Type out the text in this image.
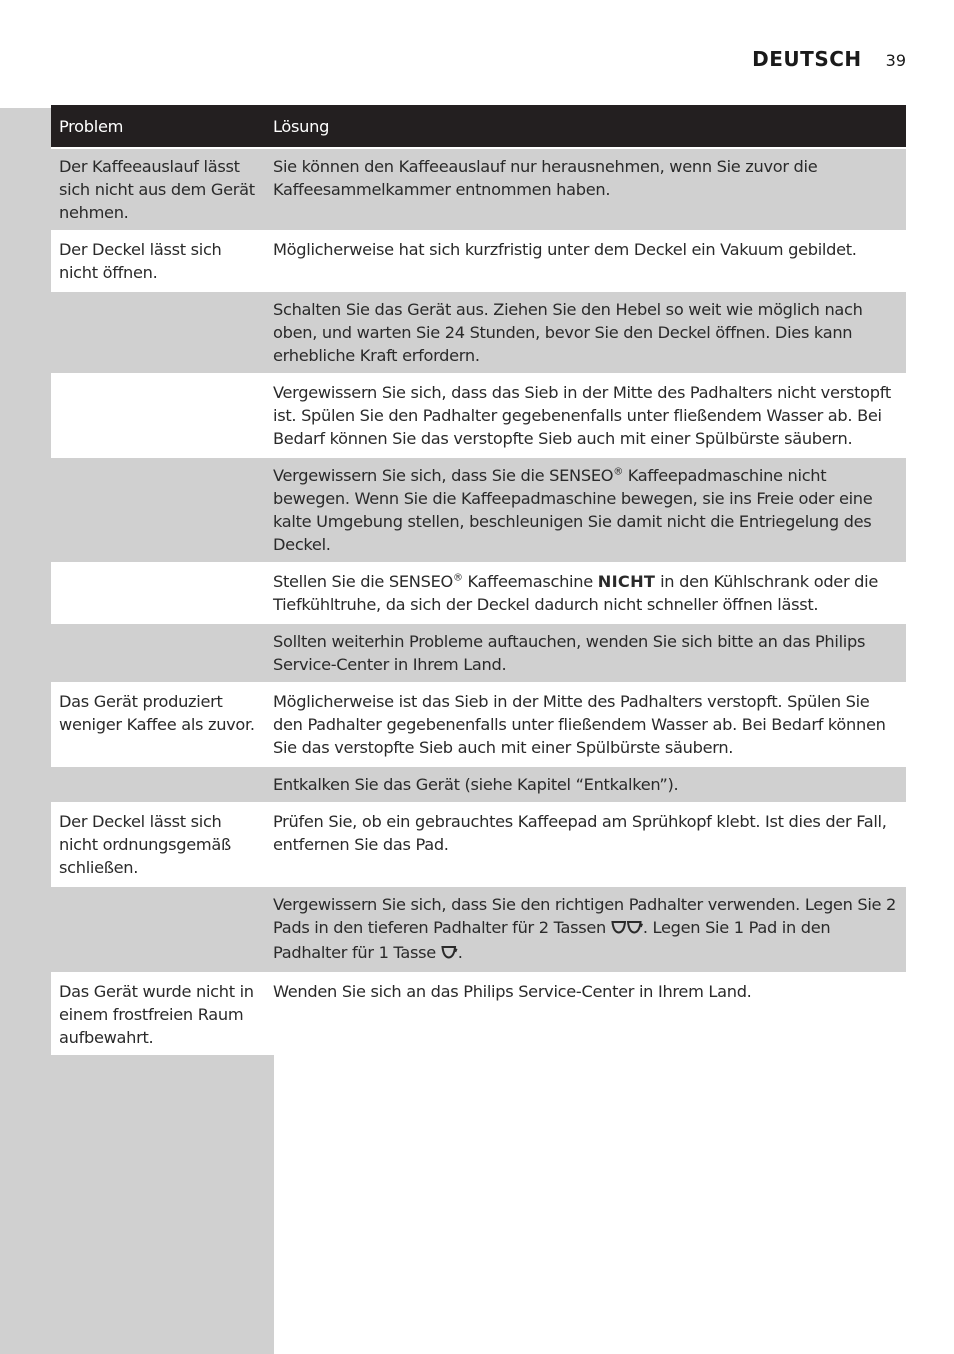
DEUTSCH 39
Problem	Lösung
Der Kaffeeauslauf lässt sich nicht aus dem Gerät nehmen.	Sie können den Kaffeeauslauf nur herausnehmen, wenn Sie zuvor die Kaffeesammelkammer entnommen haben.
Der Deckel lässt sich nicht öffnen.	Möglicherweise hat sich kurzfristig unter dem Deckel ein Vakuum gebildet.
	Schalten Sie das Gerät aus. Ziehen Sie den Hebel so weit wie möglich nach oben, und warten Sie 24 Stunden, bevor Sie den Deckel öffnen. Dies kann erhebliche Kraft erfordern.
	Vergewissern Sie sich, dass das Sieb in der Mitte des Padhalters nicht verstopft ist. Spülen Sie den Padhalter gegebenenfalls unter fließendem Wasser ab. Bei Bedarf können Sie das verstopfte Sieb auch mit einer Spülbürste säubern.
	Vergewissern Sie sich, dass Sie die SENSEO® Kaffeepadmaschine nicht bewegen. Wenn Sie die Kaffeepadmaschine bewegen, sie ins Freie oder eine kalte Umgebung stellen, beschleunigen Sie damit nicht die Entriegelung des Deckel.
	Stellen Sie die SENSEO® Kaffeemaschine NICHT in den Kühlschrank oder die Tiefkühltruhe, da sich der Deckel dadurch nicht schneller öffnen lässt.
	Sollten weiterhin Probleme auftauchen, wenden Sie sich bitte an das Philips Service-Center in Ihrem Land.
Das Gerät produziert weniger Kaffee als zuvor.	Möglicherweise ist das Sieb in der Mitte des Padhalters verstopft. Spülen Sie den Padhalter gegebenenfalls unter fließendem Wasser ab. Bei Bedarf können Sie das verstopfte Sieb auch mit einer Spülbürste säubern.
	Entkalken Sie das Gerät (siehe Kapitel “Entkalken”).
Der Deckel lässt sich nicht ordnungsgemäß schließen.	Prüfen Sie, ob ein gebrauchtes Kaffeepad am Sprühkopf klebt. Ist dies der Fall, entfernen Sie das Pad.
	Vergewissern Sie sich, dass Sie den richtigen Padhalter verwenden. Legen Sie 2 Pads in den tieferen Padhalter für 2 Tassen . Legen Sie 1 Pad in den Padhalter für 1 Tasse .
Das Gerät wurde nicht in einem frostfreien Raum aufbewahrt.	Wenden Sie sich an das Philips Service-Center in Ihrem Land.
